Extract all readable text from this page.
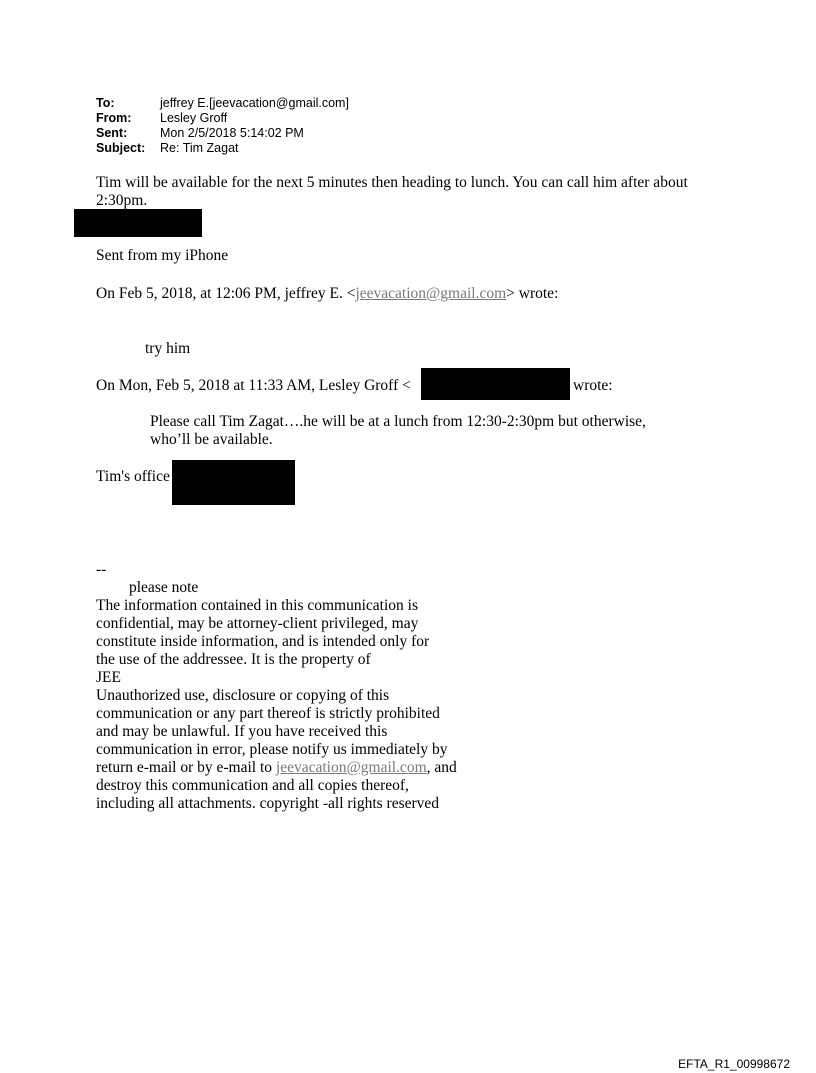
To:	jeffrey E.[jeevacation@gmail.com]
From:	Lesley Groff
Sent:	Mon 2/5/2018 5:14:02 PM
Subject:	Re: Tim Zagat
Tim will be available for the next 5 minutes then heading to lunch. You can call him after about
2:30pm.
Sent from my iPhone
On Feb 5, 2018, at 12:06 PM, jeffrey E. <jeevacation@gmail.com> wrote:
try him
On Mon, Feb 5, 2018 at 11:33 AM, Lesley Groff <	wrote:
Please call Tim Zagat….he will be at a lunch from 12:30-2:30pm but otherwise,
who’ll be available.
Tim's office
--
please note
The information contained in this communication is
confidential, may be attorney-client privileged, may
constitute inside information, and is intended only for
the use of the addressee. It is the property of
JEE
Unauthorized use, disclosure or copying of this
communication or any part thereof is strictly prohibited
and may be unlawful. If you have received this
communication in error, please notify us immediately by
return e-mail or by e-mail to jeevacation@gmail.com, and
destroy this communication and all copies thereof,
including all attachments. copyright -all rights reserved
EFTA_R1_00998672
